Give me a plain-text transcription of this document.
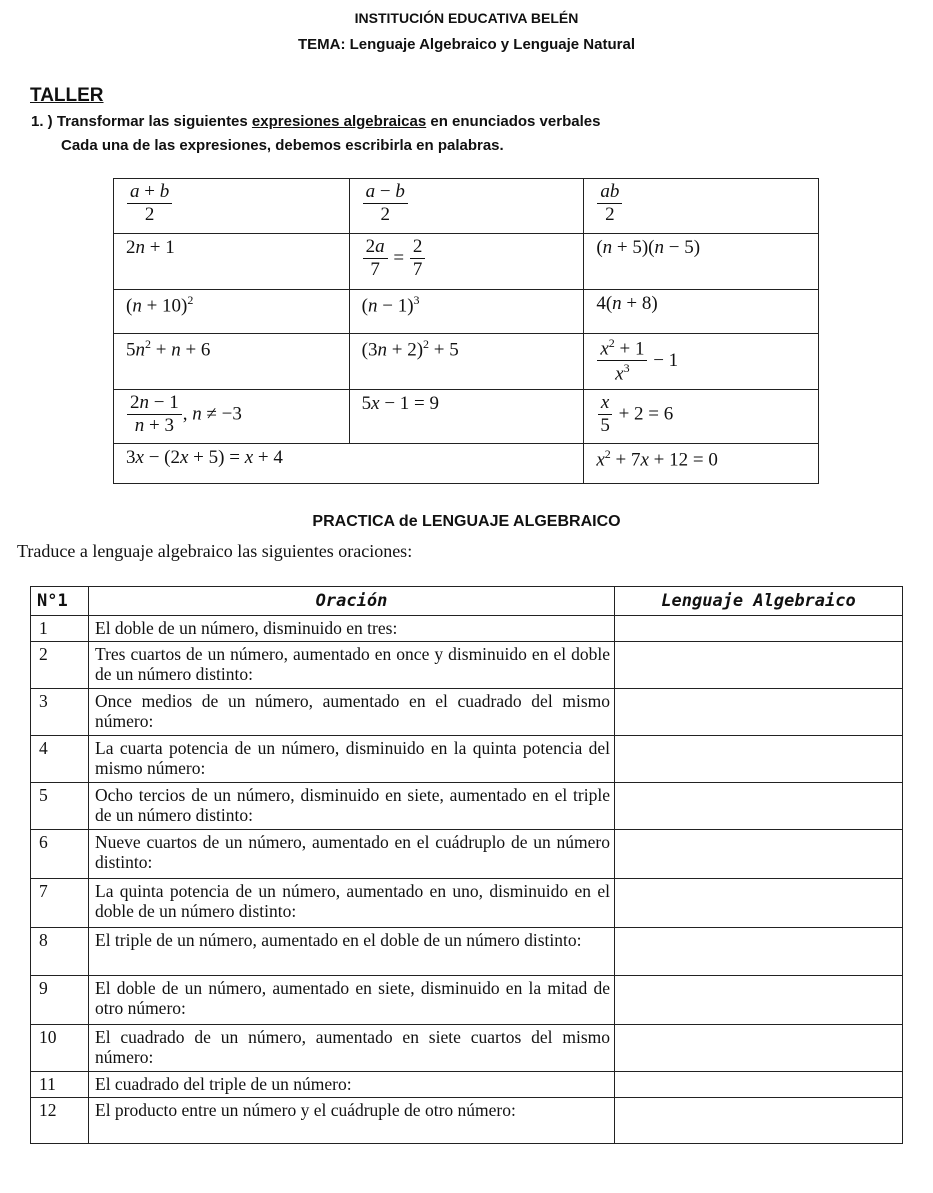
INSTITUCIÓN EDUCATIVA BELÉN
TEMA: Lenguaje Algebraico y Lenguaje Natural
TALLER
1. ) Transformar las siguientes expresiones algebraicas en enunciados verbales
Cada una de las expresiones, debemos escribirla en palabras.
$\frac{a + b}{2}$	$\frac{a - b}{2}$	$\frac{ab}{2}$

2n + 1	$\frac{2a}{7} = \frac{2}{7}$	(n + 5)(n − 5)
$(n + 10)^2$	$(n - 1)^3$	4(n + 8)
$5n^2 + n + 6$	$(3n + 2)^2 + 5$	$\frac{x^2 + 1}{x^3} - 1$

$\frac{2n - 1}{n + 3}$ , n ≠ −3	5x − 1 = 9	$\frac{x}{5} + 2 = 6$
3x − (2x + 5) = x + 4		$x^2 + 7x + 12 = 0$
PRACTICA de LENGUAJE ALGEBRAICO
Traduce a lenguaje algebraico las siguientes oraciones:
N°1	Oración	Lenguaje Algebraico
1	El doble de un número, disminuido en tres:	
2	Tres cuartos de un número, aumentado en once y disminuido en el doble de un número distinto:	
3	Once medios de un número, aumentado en el cuadrado del mismo número:	
4	La cuarta potencia de un número, disminuido en la quinta potencia del mismo número:	
5	Ocho tercios de un número, disminuido en siete, aumentado en el triple de un número distinto:	
6	Nueve cuartos de un número, aumentado en el cuádruplo de un número distinto:	
7	La quinta potencia de un número, aumentado en uno, disminuido en el doble de un número distinto:	
8	El triple de un número, aumentado en el doble de un número distinto:	
9	El doble de un número, aumentado en siete, disminuido en la mitad de otro número:	
10	El cuadrado de un número, aumentado en siete cuartos del mismo número:	
11	El cuadrado del triple de un número:	
12	El producto entre un número y el cuádruple de otro número:	
